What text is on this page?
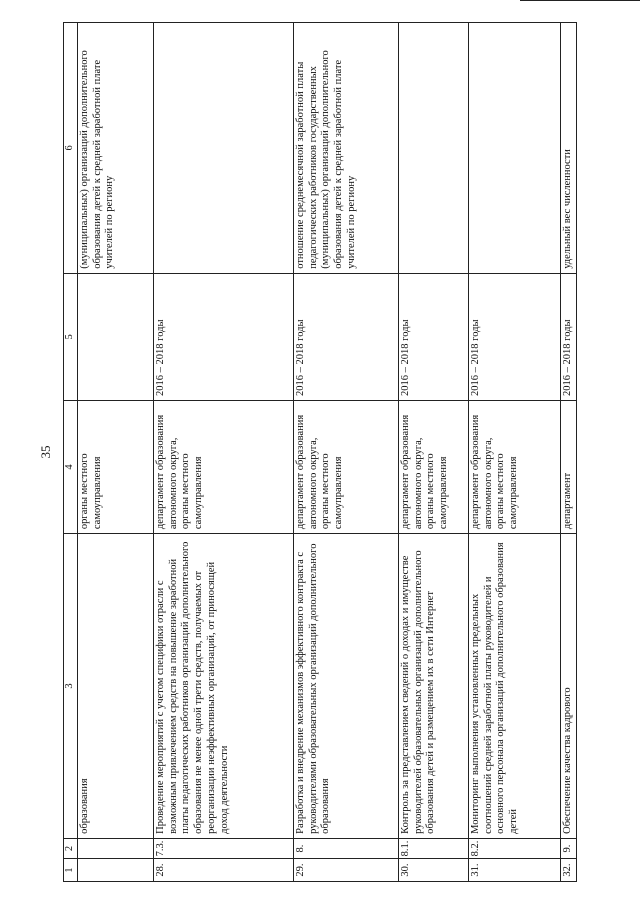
35
1	2	3	4	5	6
		образования	органы местного самоуправления		(муниципальных) организаций дополнительного образования детей к средней заработной плате учителей по региону
28.	7.3.	Проведение мероприятий с учетом специфики отрасли с возможным привлечением средств на повышение заработной платы педагогических работников организаций дополнительного образования не менее одной трети средств, получаемых от реорганизации неэффективных организаций, от приносящей доход деятельности	департамент образования автономного округа, органы местного самоуправления	2016 – 2018 годы	
29.	8.	Разработка и внедрение механизмов эффективного контракта с руководителями образовательных организаций дополнительного образования	департамент образования автономного округа, органы местного самоуправления	2016 – 2018 годы	отношение среднемесячной заработной платы педагогических работников государственных (муниципальных) организаций дополнительного образования детей к средней заработной плате учителей по региону
30.	8.1.	Контроль за представлением сведений о доходах и имуществе руководителей образовательных организаций дополнительного образования детей и размещением их в сети Интернет	департамент образования автономного округа, органы местного самоуправления	2016 – 2018 годы	
31.	8.2.	Мониторинг выполнения установленных предельных соотношений средней заработной платы руководителей и основного персонала организаций дополнительного образования детей	департамент образования автономного округа, органы местного самоуправления	2016 – 2018 годы	
32.	9.	Обеспечение качества кадрового	департамент	2016 – 2018 годы	удельный вес численности
